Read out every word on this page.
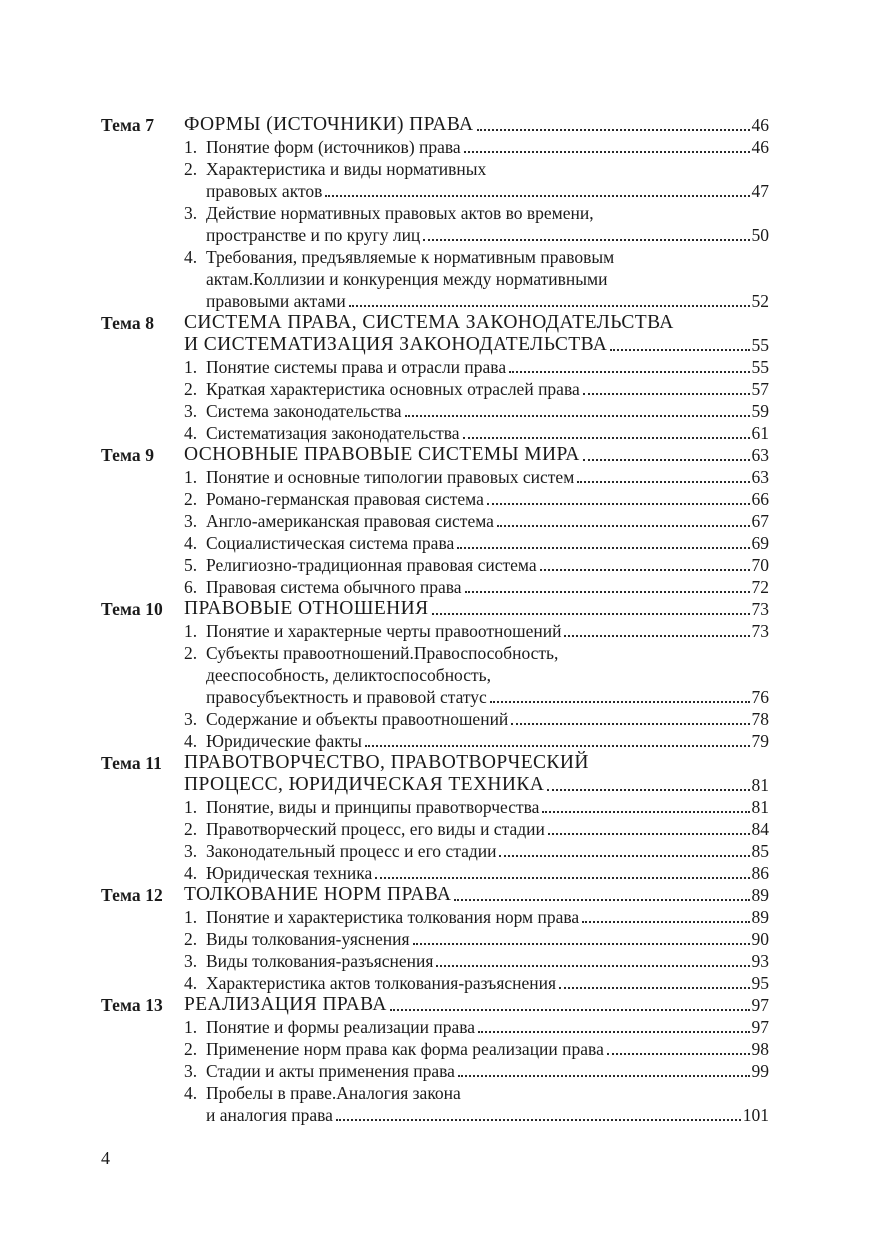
Тема 7	ФОРМЫ (ИСТОЧНИКИ) ПРАВА	46
1. Понятие форм (источников) права	46
2. Характеристика и виды нормативных
правовых актов	47
3. Действие нормативных правовых актов во времени,
пространстве и по кругу лиц	50
4. Требования, предъявляемые к нормативным правовым
актам.Коллизии и конкуренция между нормативными
правовыми актами	52
Тема 8	СИСТЕМА ПРАВА, СИСТЕМА ЗАКОНОДАТЕЛЬСТВА
И СИСТЕМАТИЗАЦИЯ ЗАКОНОДАТЕЛЬСТВА	55
1. Понятие системы права и отрасли права	55
2. Краткая характеристика основных отраслей права	57
3. Система законодательства	59
4. Систематизация законодательства	61
Тема 9	ОСНОВНЫЕ ПРАВОВЫЕ СИСТЕМЫ МИРА	63
1. Понятие и основные типологии правовых систем	63
2. Романо-германская правовая система	66
3. Англо-американская правовая система	67
4. Социалистическая система права	69
5. Религиозно-традиционная правовая система	70
6. Правовая система обычного права	72
Тема 10	ПРАВОВЫЕ ОТНОШЕНИЯ	73
1. Понятие и характерные черты правоотношений	73
2. Субъекты правоотношений.Правоспособность,
дееспособность, деликтоспособность,
правосубъектность и правовой статус	76
3. Содержание и объекты правоотношений	78
4. Юридические факты	79
Тема 11	ПРАВОТВОРЧЕСТВО, ПРАВОТВОРЧЕСКИЙ
ПРОЦЕСС, ЮРИДИЧЕСКАЯ ТЕХНИКА	81
1. Понятие, виды и принципы правотворчества	81
2. Правотворческий процесс, его виды и стадии	84
3. Законодательный процесс и его стадии	85
4. Юридическая техника	86
Тема 12	ТОЛКОВАНИЕ НОРМ ПРАВА	89
1. Понятие и характеристика толкования норм права	89
2. Виды толкования-уяснения	90
3. Виды толкования-разъяснения	93
4. Характеристика актов толкования-разъяснения	95
Тема 13	РЕАЛИЗАЦИЯ ПРАВА	97
1. Понятие и формы реализации права	97
2. Применение норм права как форма реализации права	98
3. Стадии и акты применения права	99
4. Пробелы в праве.Аналогия закона
и аналогия права	101
4
